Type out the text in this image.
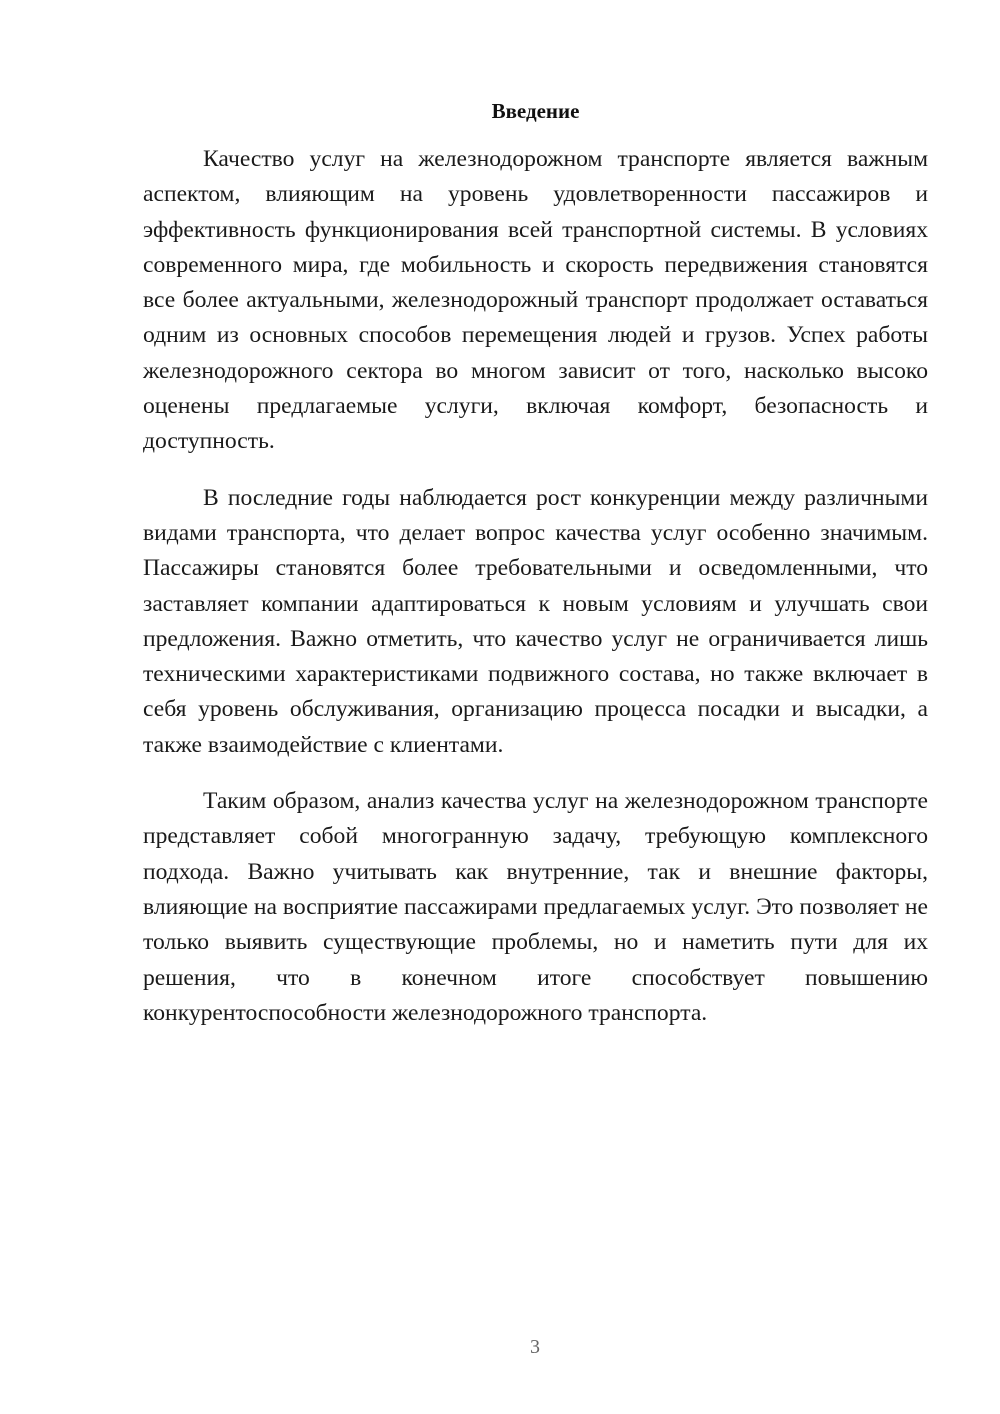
Введение

Качество услуг на железнодорожном транспорте является важным аспектом, влияющим на уровень удовлетворенности пассажиров и эффективность функционирования всей транспортной системы. В условиях современного мира, где мобильность и скорость передвижения становятся все более актуальными, железнодорожный транспорт продолжает оставаться одним из основных способов перемещения людей и грузов. Успех работы железнодорожного сектора во многом зависит от того, насколько высоко оценены предлагаемые услуги, включая комфорт, безопасность и доступность.

В последние годы наблюдается рост конкуренции между различными видами транспорта, что делает вопрос качества услуг особенно значимым. Пассажиры становятся более требовательными и осведомленными, что заставляет компании адаптироваться к новым условиям и улучшать свои предложения. Важно отметить, что качество услуг не ограничивается лишь техническими характеристиками подвижного состава, но также включает в себя уровень обслуживания, организацию процесса посадки и высадки, а также взаимодействие с клиентами.

Таким образом, анализ качества услуг на железнодорожном транспорте представляет собой многогранную задачу, требующую комплексного подхода. Важно учитывать как внутренние, так и внешние факторы, влияющие на восприятие пассажирами предлагаемых услуг. Это позволяет не только выявить существующие проблемы, но и наметить пути для их решения, что в конечном итоге способствует повышению конкурентоспособности железнодорожного транспорта.

3
